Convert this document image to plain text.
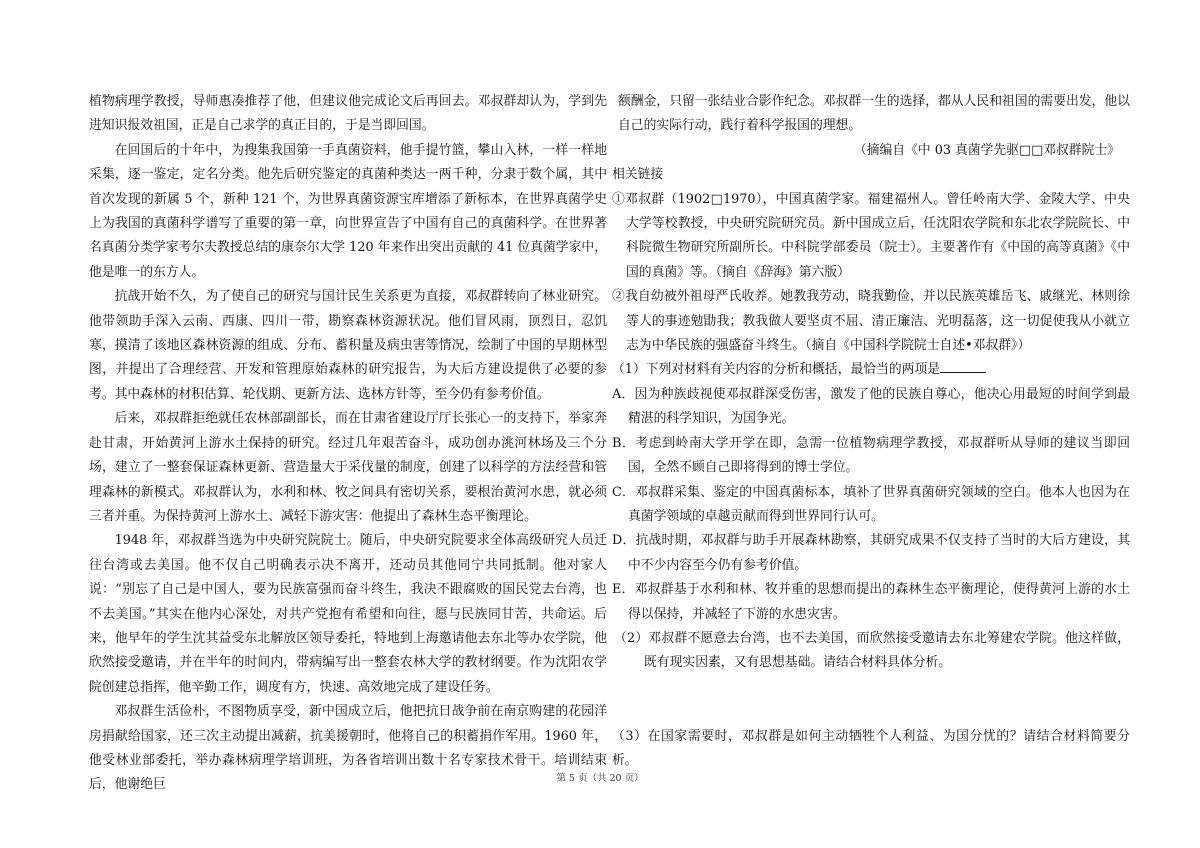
植物病理学教授，导师惠凑推荐了他，但建议他完成论文后再回去。邓叔群却认为，学到先进知识报效祖国，正是自己求学的真正目的，于是当即回国。

在回国后的十年中，为搜集我国第一手真菌资料，他手提竹篮，攀山入林，一样一样地采集，逐一鉴定，定名分类。他先后研究鉴定的真菌种类达一两千种，分隶于数个属，其中首次发现的新属 5 个，新种 121 个，为世界真菌资源宝库增添了新标本，在世界真菌学史上为我国的真菌科学谱写了重要的第一章，向世界宣告了中国有自己的真菌科学。在世界著名真菌分类学家考尔夫教授总结的康奈尔大学 120 年来作出突出贡献的 41 位真菌学家中，他是唯一的东方人。

抗战开始不久，为了使自己的研究与国计民生关系更为直接，邓叔群转向了林业研究。他带领助手深入云南、西康、四川一带，勘察森林资源状况。他们冒风雨，顶烈日，忍饥寒，摸清了该地区森林资源的组成、分布、蓄积量及病虫害等情况，绘制了中国的早期林型图，并提出了合理经营、开发和管理原始森林的研究报告，为大后方建设提供了必要的参考。其中森林的材积估算、轮伐期、更新方法、选林方针等，至今仍有参考价值。

后来，邓叔群拒绝就任农林部副部长，而在甘肃省建设厅厅长张心一的支持下，举家奔赴甘肃，开始黄河上游水土保持的研究。经过几年艰苦奋斗，成功创办洮河林场及三个分场，建立了一整套保证森林更新、营造量大于采伐量的制度，创建了以科学的方法经营和管理森林的新模式。邓叔群认为，水利和林、牧之间具有密切关系，要根治黄河水患，就必须三者并重。为保持黄河上游水土、减轻下游灾害：他提出了森林生态平衡理论。

1948 年，邓叔群当选为中央研究院院士。随后，中央研究院要求全体高级研究人员迁往台湾或去美国。他不仅自己明确表示决不离开，还动员其他同宁共同抵制。他对家人说：“别忘了自己是中国人，要为民族富强而奋斗终生，我决不跟腐败的国民党去台湾，也不去美国。”其实在他内心深处，对共产党抱有希望和向往，愿与民族同甘苦，共命运。后来，他早年的学生沈其益受东北解放区领导委托，特地到上海邀请他去东北等办农学院，他欣然接受邀请，并在半年的时间内，带病编写出一整套农林大学的教材纲要。作为沈阳农学院创建总指挥，他辛勤工作，调度有方，快速、高效地完成了建设任务。

邓叔群生活俭朴，不图物质享受，新中国成立后，他把抗日战争前在南京购建的花园洋房捐献给国家，还三次主动提出减薪，抗美援朝时，他将自己的积蓄捐作军用。1960 年，他受林业部委托，举办森林病理学培训班，为各省培训出数十名专家技术骨干。培训结束后，他谢绝巨

额酬金，只留一张结业合影作纪念。邓叔群一生的选择，都从人民和祖国的需要出发，他以自己的实际行动，践行着科学报国的理想。

（摘编自《中 03 真菌学先驱□□邓叔群院士》

相关链接

①邓叔群（1902□1970），中国真菌学家。福建福州人。曾任岭南大学、金陵大学、中央大学等校教授，中央研究院研究员。新中国成立后，任沈阳农学院和东北农学院院长、中科院微生物研究所副所长。中科院学部委员（院士）。主要著作有《中国的高等真菌》《中国的真菌》等。（摘自《辞海》第六版）

②我自幼被外祖母严氏收养。她教我劳动，晓我勤俭，并以民族英雄岳飞、戚继光、林则徐等人的事迹勉勖我；教我做人要坚贞不屈、清正廉洁、光明磊落，这一切促使我从小就立志为中华民族的强盛奋斗终生。（摘自《中国科学院院士自述•邓叔群》）

（1）下列对材料有关内容的分析和概括，最恰当的两项是

A．因为种族歧视使邓叔群深受伤害，激发了他的民族自尊心，他决心用最短的时间学到最精湛的科学知识，为国争光。

B．考虑到岭南大学开学在即，急需一位植物病理学教授，邓叔群听从导师的建议当即回国，全然不顾自己即将得到的博士学位。

C．邓叔群采集、鉴定的中国真菌标本，填补了世界真菌研究领域的空白。他本人也因为在真菌学领域的卓越贡献而得到世界同行认可。

D．抗战时期，邓叔群与助手开展森林勘察，其研究成果不仅支持了当时的大后方建设，其中不少内容至今仍有参考价值。

E．邓叔群基于水利和林、牧并重的思想而提出的森林生态平衡理论，使得黄河上游的水土得以保持，并减轻了下游的水患灾害。

（2）邓叔群不愿意去台湾，也不去美国，而欣然接受邀请去东北筹建农学院。他这样做，既有现实因素，又有思想基础。请结合材料具体分析。

（3）在国家需要时，邓叔群是如何主动牺牲个人利益、为国分忧的？请结合材料简要分析。

第 5 页（共 20 页）
